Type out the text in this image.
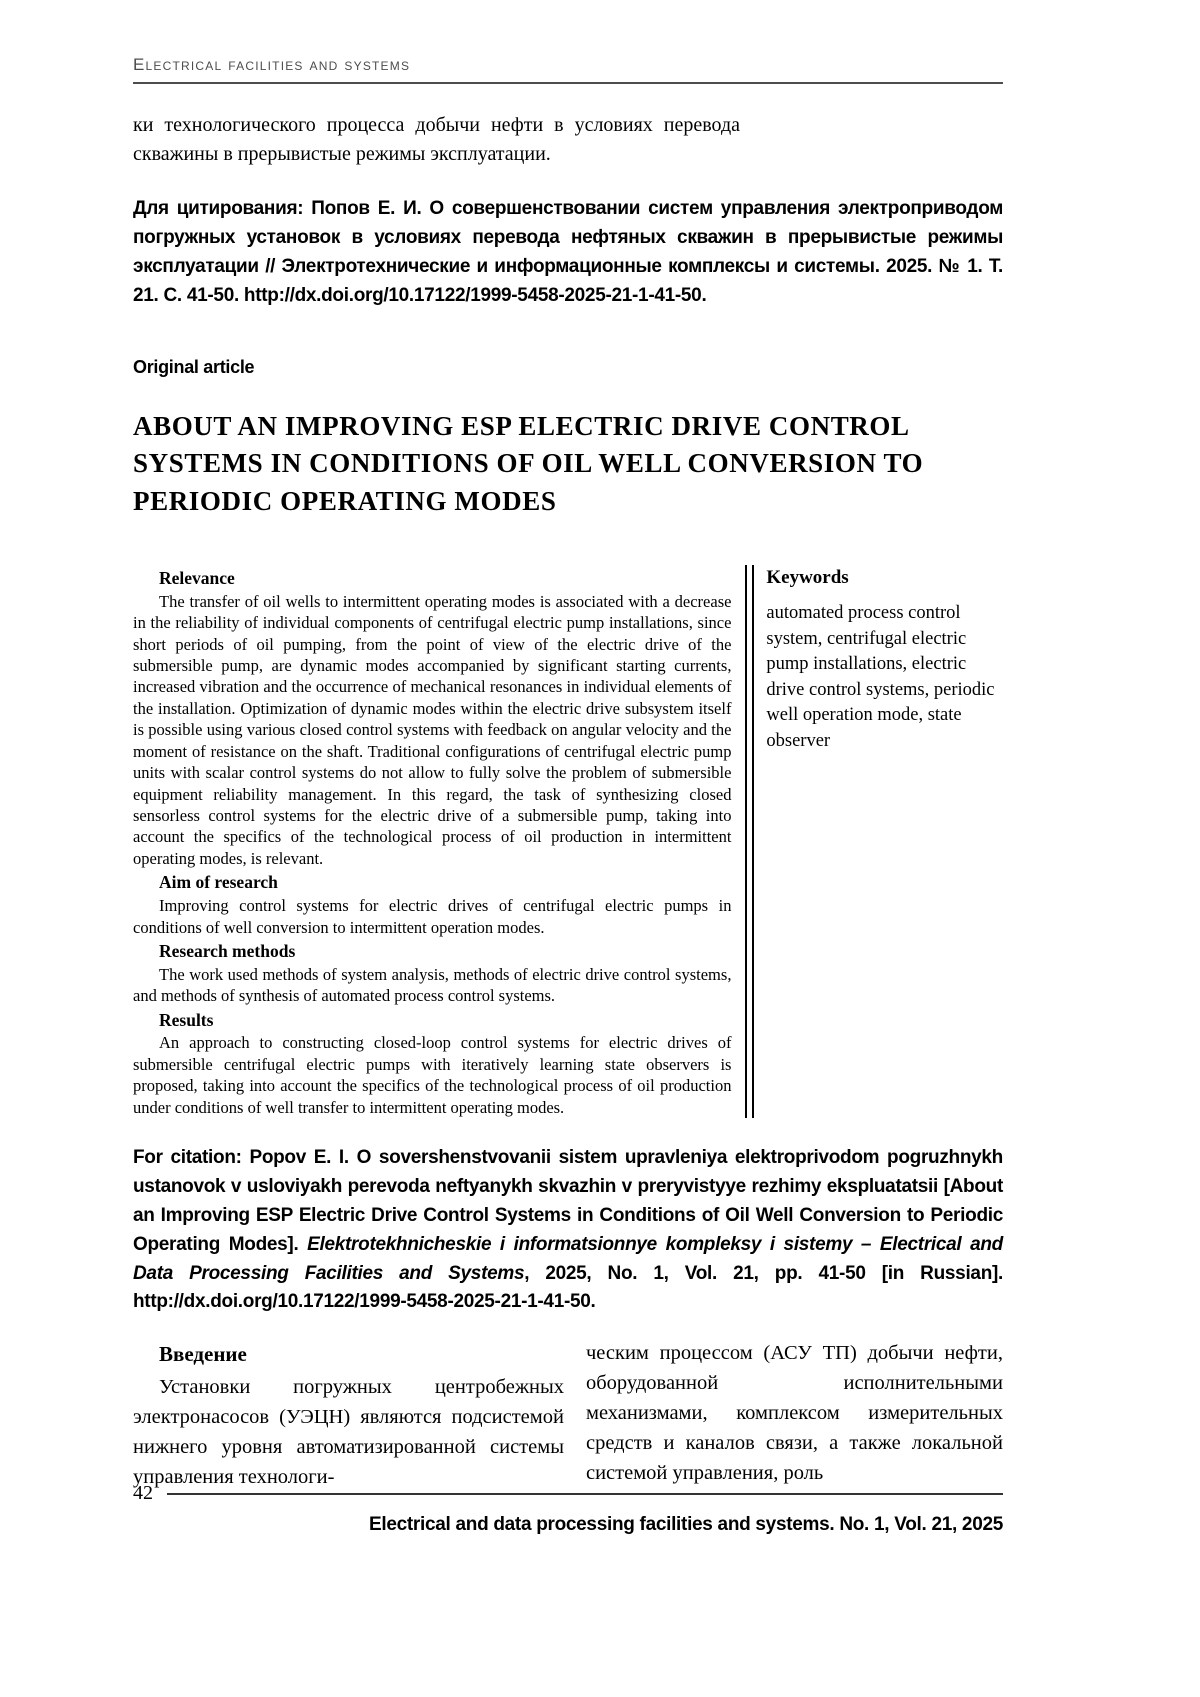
Electrical facilities and systems

ки технологического процесса добычи нефти в условиях перевода скважины в прерывистые режимы эксплуатации.

Для цитирования: Попов Е. И. О совершенствовании систем управления электроприводом погружных установок в условиях перевода нефтяных скважин в прерывистые режимы эксплуатации // Электротехнические и информационные комплексы и системы. 2025. № 1. Т. 21. С. 41-50. http://dx.doi.org/10.17122/1999-5458-2025-21-1-41-50.

Original article
ABOUT AN IMPROVING ESP ELECTRIC DRIVE CONTROL SYSTEMS IN CONDITIONS OF OIL WELL CONVERSION TO PERIODIC OPERATING MODES
Relevance

The transfer of oil wells to intermittent operating modes is associated with a decrease in the reliability of individual components of centrifugal electric pump installations, since short periods of oil pumping, from the point of view of the electric drive of the submersible pump, are dynamic modes accompanied by significant starting currents, increased vibration and the occurrence of mechanical resonances in individual elements of the installation. Optimization of dynamic modes within the electric drive subsystem itself is possible using various closed control systems with feedback on angular velocity and the moment of resistance on the shaft. Traditional configurations of centrifugal electric pump units with scalar control systems do not allow to fully solve the problem of submersible equipment reliability management. In this regard, the task of synthesizing closed sensorless control systems for the electric drive of a submersible pump, taking into account the specifics of the technological process of oil production in intermittent operating modes, is relevant.

Aim of research

Improving control systems for electric drives of centrifugal electric pumps in conditions of well conversion to intermittent operation modes.

Research methods

The work used methods of system analysis, methods of electric drive control systems, and methods of synthesis of automated process control systems.

Results

An approach to constructing closed-loop control systems for electric drives of submersible centrifugal electric pumps with iteratively learning state observers is proposed, taking into account the specifics of the technological process of oil production under conditions of well transfer to intermittent operating modes.

Keywords
automated process control system, centrifugal electric pump installations, electric drive control systems, periodic well operation mode, state observer

For citation: Popov E. I. O sovershenstvovanii sistem upravleniya elektroprivodom pogruzhnykh ustanovok v usloviyakh perevoda neftyanykh skvazhin v preryvistyye rezhimy ekspluatatsii [About an Improving ESP Electric Drive Control Systems in Conditions of Oil Well Conversion to Periodic Operating Modes]. Elektrotekhnicheskie i informatsionnye kompleksy i sistemy – Electrical and Data Processing Facilities and Systems, 2025, No. 1, Vol. 21, pp. 41-50 [in Russian]. http://dx.doi.org/10.17122/1999-5458-2025-21-1-41-50.

Введение

Установки погружных центробежных электронасосов (УЭЦН) являются подсистемой нижнего уровня автоматизированной системы управления технологи-

ческим процессом (АСУ ТП) добычи нефти, оборудованной исполнительными механизмами, комплексом измерительных средств и каналов связи, а также локальной системой управления, роль

42
Electrical and data processing facilities and systems. No. 1, Vol. 21, 2025
